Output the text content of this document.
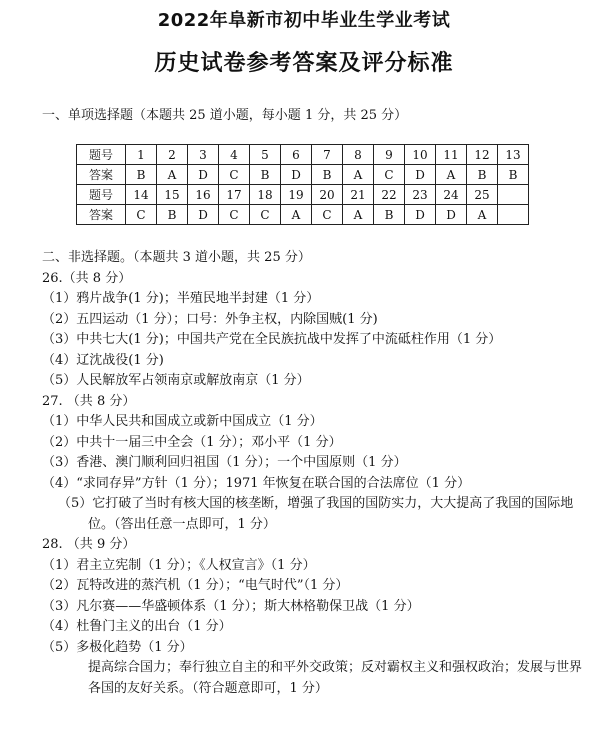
2022年阜新市初中毕业生学业考试
历史试卷参考答案及评分标准
一、单项选择题（本题共 25 道小题，每小题 1 分，共 25 分）
题号	1	2	3	4	5	6	7	8	9	10	11	12	13
答案	B	A	D	C	B	D	B	A	C	D	A	B	B
题号	14	15	16	17	18	19	20	21	22	23	24	25	
答案	C	B	D	C	C	A	C	A	B	D	D	A	
二、非选择题。（本题共 3 道小题，共 25 分）
26.（共 8 分）
（1）鸦片战争(1 分)；半殖民地半封建（1 分）
（2）五四运动（1 分）；口号：外争主权，内除国贼(1 分)
（3）中共七大(1 分)；中国共产党在全民族抗战中发挥了中流砥柱作用（1 分）
（4）辽沈战役(1 分)
（5）人民解放军占领南京或解放南京（1 分）
27. （共 8 分）
（1）中华人民共和国成立或新中国成立（1 分）
（2）中共十一届三中全会（1 分）；邓小平（1 分）
（3）香港、澳门顺利回归祖国（1 分）；一个中国原则（1 分）
（4）“求同存异”方针（1 分）；1971 年恢复在联合国的合法席位（1 分）
（5）它打破了当时有核大国的核垄断，增强了我国的国防实力，大大提高了我国的国际地位。（答出任意一点即可，1 分）
28. （共 9 分）
（1）君主立宪制（1 分）；《人权宣言》（1 分）
（2）瓦特改进的蒸汽机（1 分）；“电气时代”（1 分）
（3）凡尔赛——华盛顿体系（1 分）；斯大林格勒保卫战（1 分）
（4）杜鲁门主义的出台（1 分）
（5）多极化趋势（1 分）
提高综合国力；奉行独立自主的和平外交政策；反对霸权主义和强权政治；发展与世界各国的友好关系。（符合题意即可，1 分）
